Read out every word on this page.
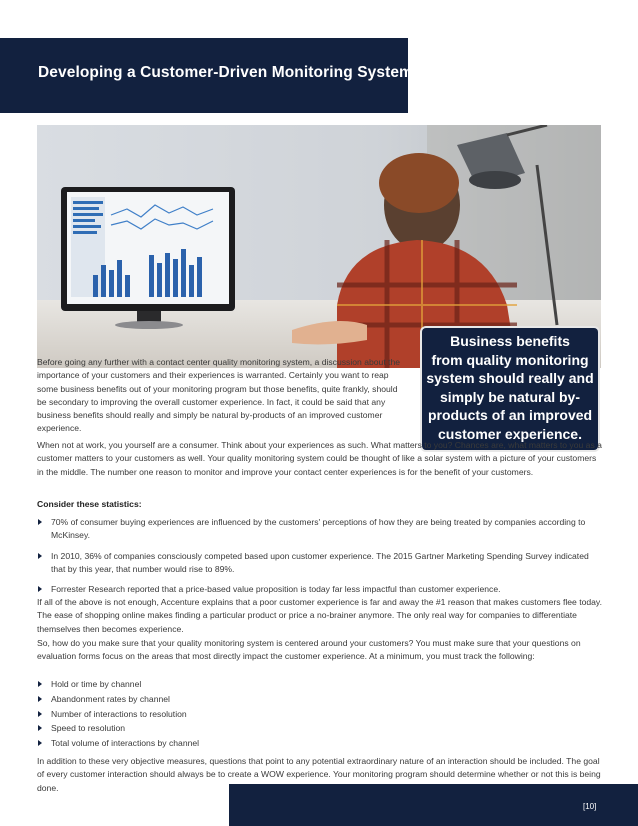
Developing a Customer-Driven Monitoring System
Business benefits
from quality monitoring
system should really and
simply be natural by-
products of an improved
customer experience.

Before going any further with a contact center quality monitoring system, a discussion about the importance of your customers and their experiences is warranted. Certainly you want to reap some business benefits out of your monitoring program but those benefits, quite frankly, should be secondary to improving the overall customer experience. In fact, it could be said that any business benefits should really and simply be natural by-products of an improved customer experience.

When not at work, you yourself are a consumer. Think about your experiences as such. What matters to you? Chances are, what matters to you as a customer matters to your customers as well. Your quality monitoring system could be thought of like a solar system with a picture of your customers in the middle. The number one reason to monitor and improve your contact center experiences is for the benefit of your customers.

Consider these statistics:
70% of consumer buying experiences are influenced by the customers' perceptions of how they are being treated by companies according to McKinsey.
In 2010, 36% of companies consciously competed based upon customer experience. The 2015 Gartner Marketing Spending Survey indicated that by this year, that number would rise to 89%.
Forrester Research reported that a price-based value proposition is today far less impactful than customer experience.

If all of the above is not enough, Accenture explains that a poor customer experience is far and away the #1 reason that makes customers flee today. The ease of shopping online makes finding a particular product or price a no-brainer anymore. The only real way for companies to differentiate themselves then becomes experience.

So, how do you make sure that your quality monitoring system is centered around your customers? You must make sure that your questions on evaluation forms focus on the areas that most directly impact the customer experience. At a minimum, you must track the following:

Hold or time by channel
Abandonment rates by channel
Number of interactions to resolution
Speed to resolution
Total volume of interactions by channel

In addition to these very objective measures, questions that point to any potential extraordinary nature of an interaction should be included. The goal of every customer interaction should always be to create a WOW experience. Your monitoring program should determine whether or not this is being done.

[10]
